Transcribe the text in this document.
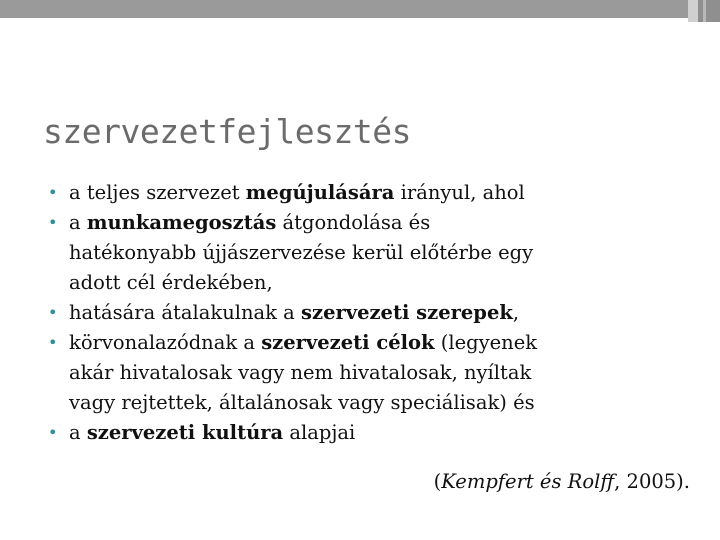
szervezetfejlesztés
• a teljes szervezet megújulására irányul, ahol
• a munkamegosztás átgondolása és
hatékonyabb újjászervezése kerül előtérbe egy
adott cél érdekében,
• hatására átalakulnak a szervezeti szerepek,
• körvonalazódnak a szervezeti célok (legyenek
akár hivatalosak vagy nem hivatalosak, nyíltak
vagy rejtettek, általánosak vagy speciálisak) és
• a szervezeti kultúra alapjai
(Kempfert és Rolff, 2005).
